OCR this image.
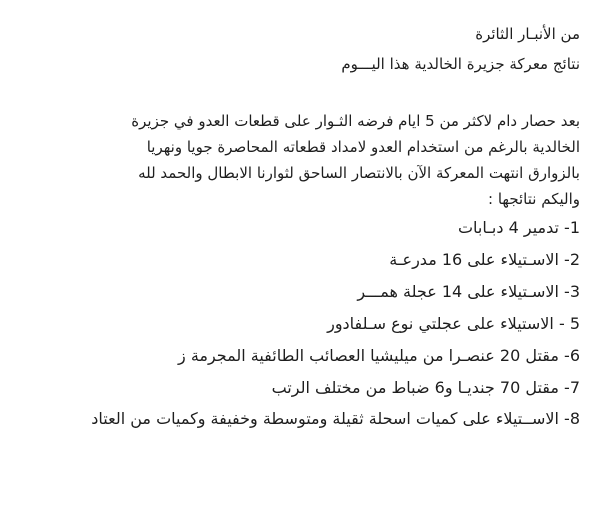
من الأنبـار الثائرة
نتائج معركة جزيرة الخالدية هذا اليـــوم

بعد حصار دام لاكثر من 5 ايام فرضه الثـوار على قطعات العدو في جزيرة
الخالدية بالرغم من استخدام العدو لامداد قطعاته المحاصرة جويا ونهريا
بالزوارق انتهت المعركة الآن بالانتصار الساحق لثوارنا الابطال والحمد لله
واليكم نتائجها :

1- تدمير 4 دبـابات
2- الاسـتيلاء على 16 مدرعـة
3- الاسـتيلاء على 14 عجلة همـــر
5 - الاستيلاء على عجلتي نوع سـلفادور
6- مقتل 20 عنصـرا من ميليشيا العصائب الطائفية المجرمة ز
7- مقتل 70 جنديـا و6 ضباط من مختلف الرتب
8- الاســتيلاء على كميات اسحلة ثقيلة ومتوسطة وخفيفة وكميات من العتاد
